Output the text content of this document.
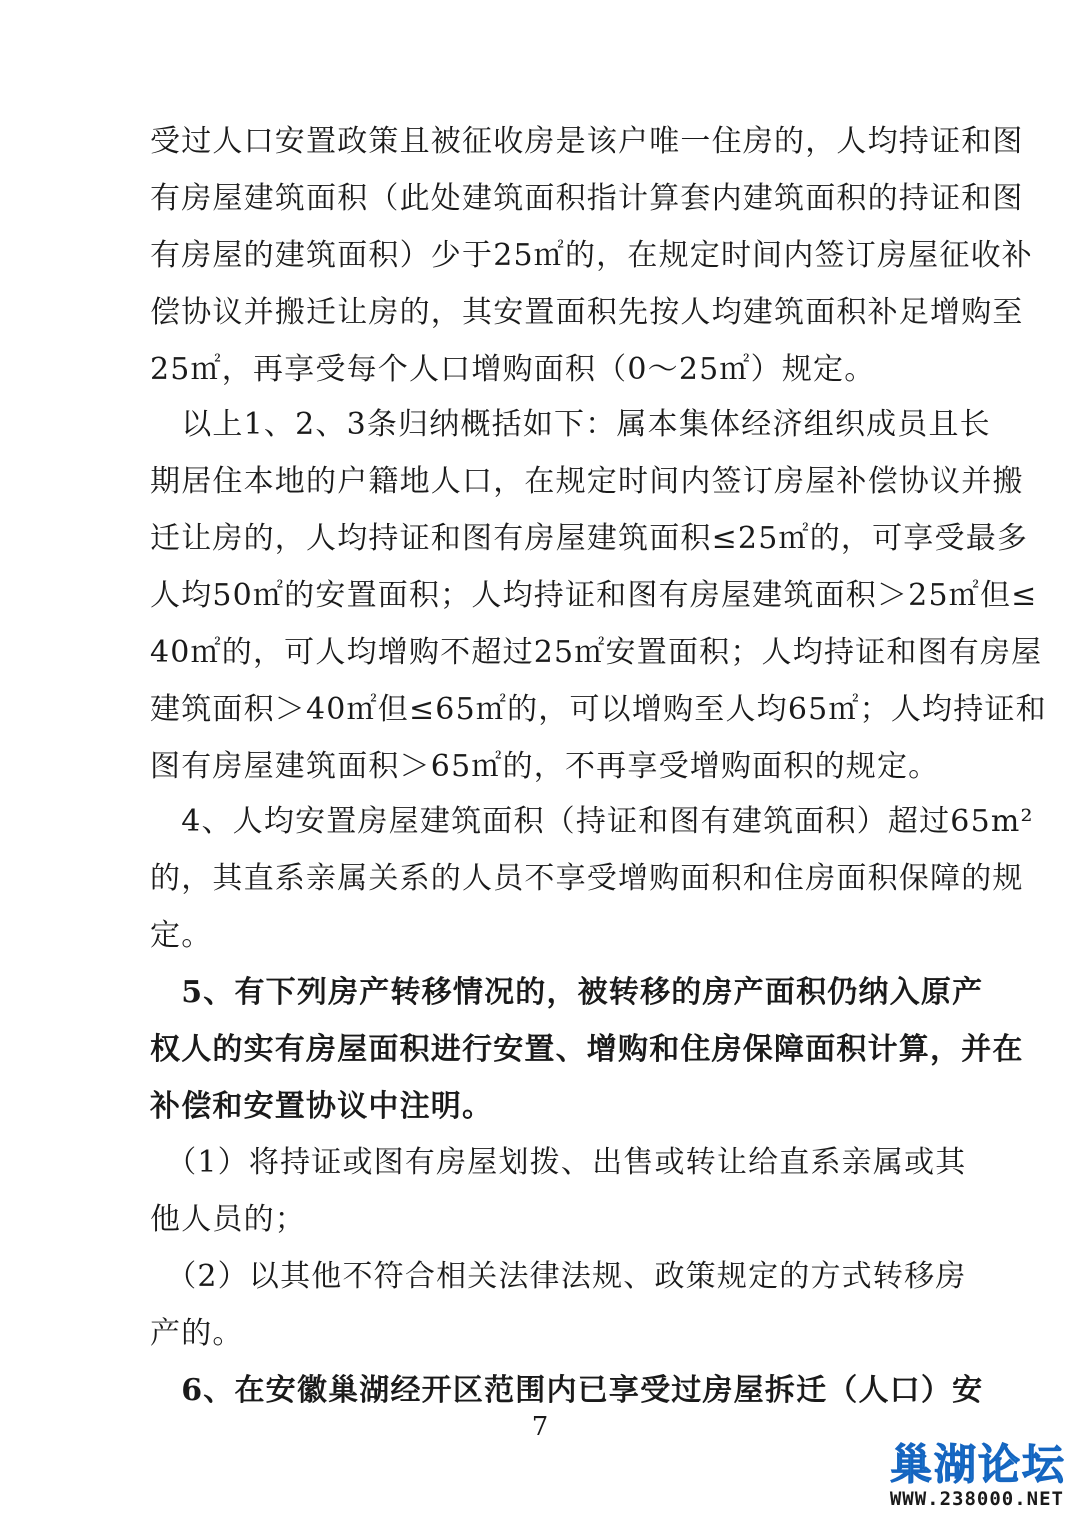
受过人口安置政策且被征收房是该户唯一住房的，人均持证和图
有房屋建筑面积（此处建筑面积指计算套内建筑面积的持证和图
有房屋的建筑面积）少于25㎡的，在规定时间内签订房屋征收补
偿协议并搬迁让房的，其安置面积先按人均建筑面积补足增购至
25㎡，再享受每个人口增购面积（0～25㎡）规定。
　以上1、2、3条归纳概括如下：属本集体经济组织成员且长
期居住本地的户籍地人口，在规定时间内签订房屋补偿协议并搬
迁让房的，人均持证和图有房屋建筑面积≤25㎡的，可享受最多
人均50㎡的安置面积；人均持证和图有房屋建筑面积＞25㎡但≤
40㎡的，可人均增购不超过25㎡安置面积；人均持证和图有房屋
建筑面积＞40㎡但≤65㎡的，可以增购至人均65㎡；人均持证和
图有房屋建筑面积＞65㎡的，不再享受增购面积的规定。
　4、人均安置房屋建筑面积（持证和图有建筑面积）超过65m²
的，其直系亲属关系的人员不享受增购面积和住房面积保障的规
定。
　5、有下列房产转移情况的，被转移的房产面积仍纳入原产
权人的实有房屋面积进行安置、增购和住房保障面积计算，并在
补偿和安置协议中注明。
　（1）将持证或图有房屋划拨、出售或转让给直系亲属或其
他人员的；
　（2）以其他不符合相关法律法规、政策规定的方式转移房
产的。
　6、在安徽巢湖经开区范围内已享受过房屋拆迁（人口）安
7
巢湖论坛
WWW.238000.NET
